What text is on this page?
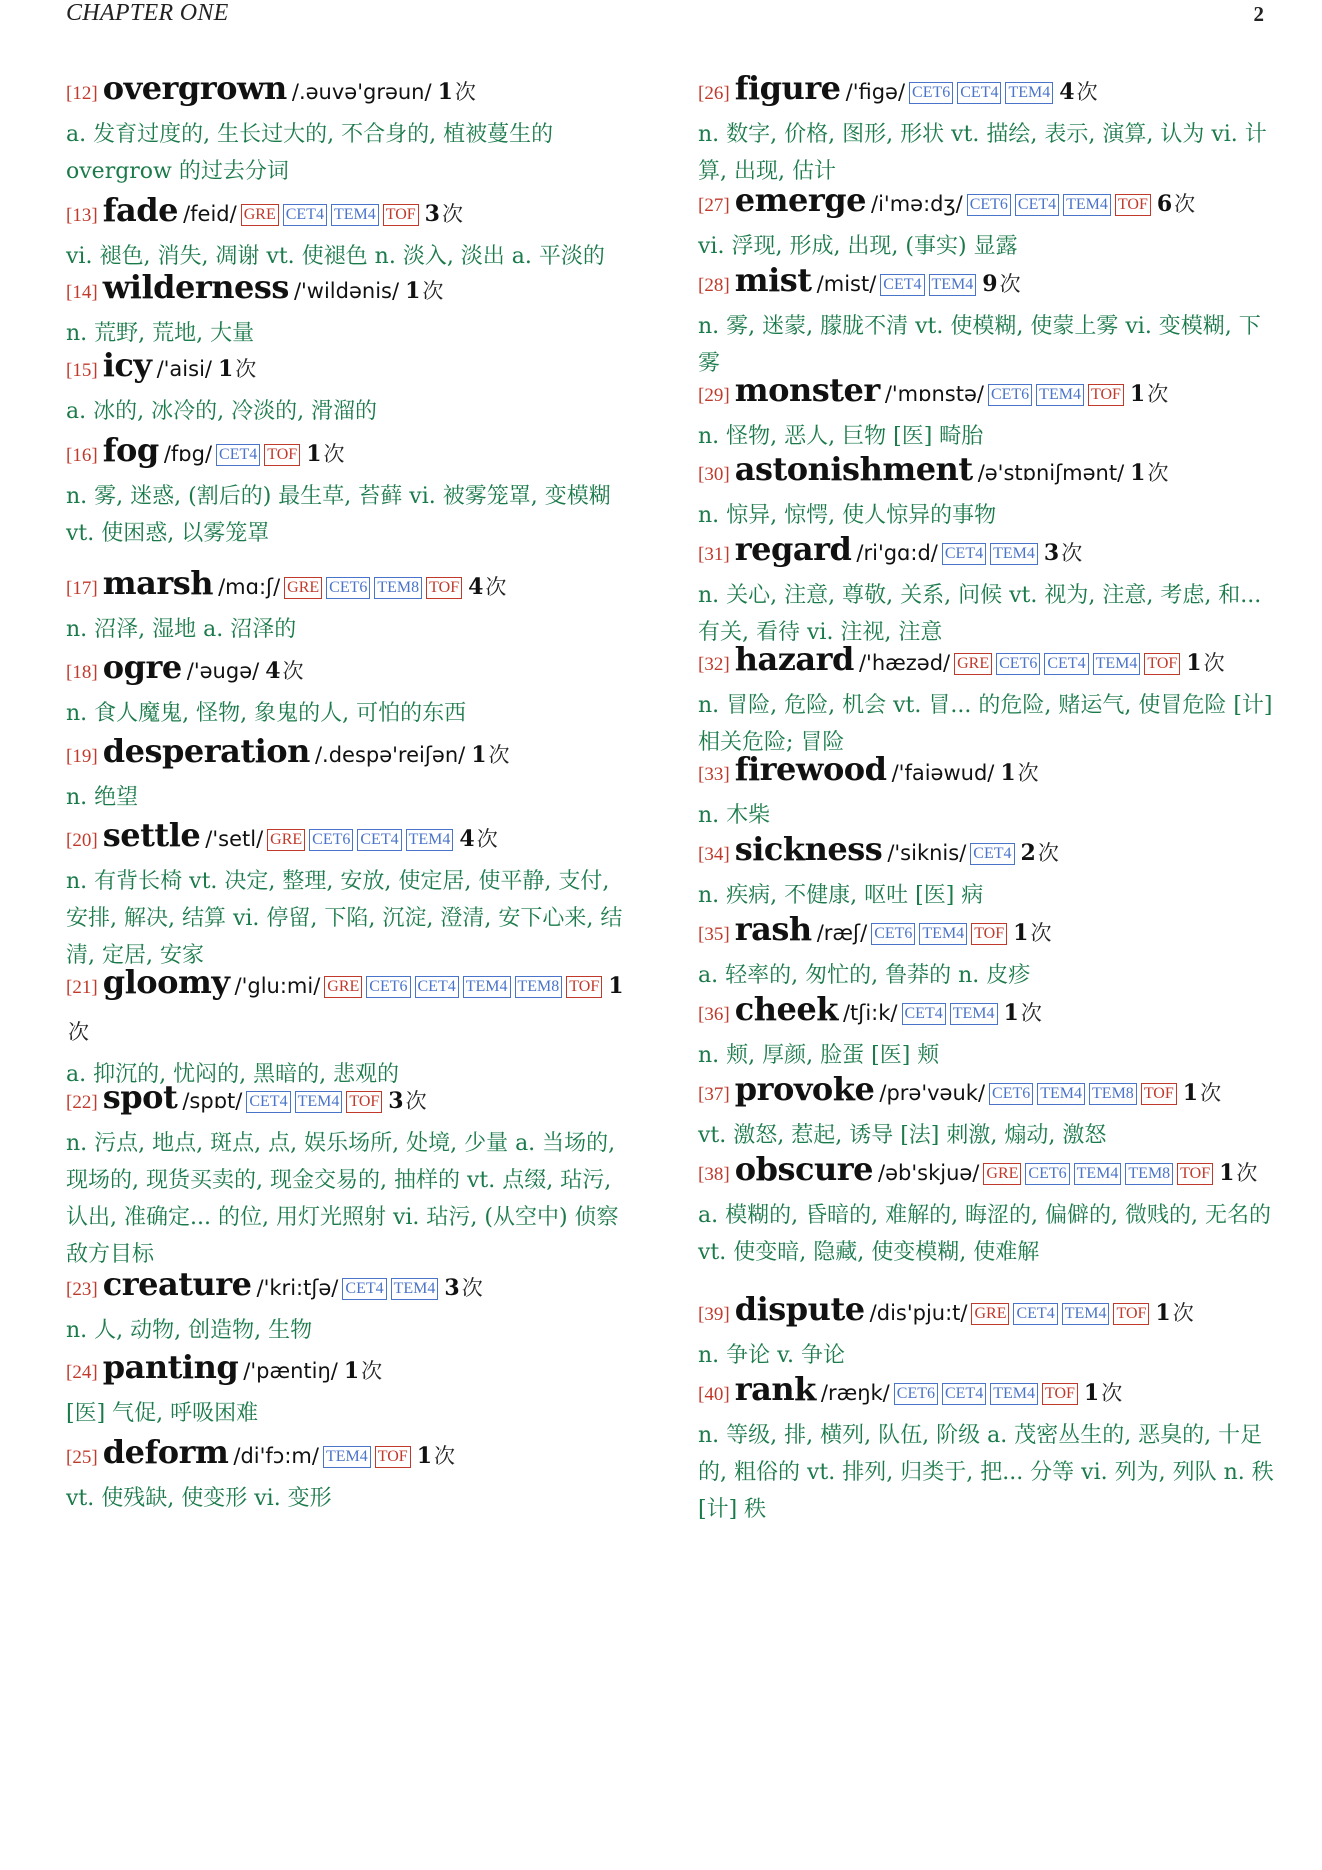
CHAPTER ONE	2
[12] overgrown /.əuvə'grəun/ 1次
a. 发育过度的, 生长过大的, 不合身的, 植被蔓生的 overgrow 的过去分词
[13] fade /feid/ GRE CET4 TEM4 TOF 3次
vi. 褪色, 消失, 凋谢 vt. 使褪色 n. 淡入, 淡出 a. 平淡的
[14] wilderness /'wildənis/ 1次
n. 荒野, 荒地, 大量
[15] icy /'aisi/ 1次
a. 冰的, 冰冷的, 冷淡的, 滑溜的
[16] fog /fɒg/ CET4 TOF 1次
n. 雾, 迷惑, (割后的) 最生草, 苔藓 vi. 被雾笼罩, 变模糊 vt. 使困惑, 以雾笼罩
[17] marsh /mɑ:ʃ/ GRE CET6 TEM8 TOF 4次
n. 沼泽, 湿地 a. 沼泽的
[18] ogre /'əugə/ 4次
n. 食人魔鬼, 怪物, 象鬼的人, 可怕的东西
[19] desperation /.despə'reiʃən/ 1次
n. 绝望
[20] settle /'setl/ GRE CET6 CET4 TEM4 4次
n. 有背长椅 vt. 决定, 整理, 安放, 使定居, 使平静, 支付, 安排, 解决, 结算 vi. 停留, 下陷, 沉淀, 澄清, 安下心来, 结清, 定居, 安家
[21] gloomy /'glu:mi/ GRE CET6 CET4 TEM4 TEM8 TOF 1次
a. 抑沉的, 忧闷的, 黑暗的, 悲观的
[22] spot /spɒt/ CET4 TEM4 TOF 3次
n. 污点, 地点, 斑点, 点, 娱乐场所, 处境, 少量 a. 当场的, 现场的, 现货买卖的, 现金交易的, 抽样的 vt. 点缀, 玷污, 认出, 准确定... 的位, 用灯光照射 vi. 玷污, (从空中) 侦察敌方目标
[23] creature /'kri:tʃə/ CET4 TEM4 3次
n. 人, 动物, 创造物, 生物
[24] panting /'pæntiŋ/ 1次
[医] 气促, 呼吸困难
[25] deform /di'fɔ:m/ TEM4 TOF 1次
vt. 使残缺, 使变形 vi. 变形
[26] figure /'figə/ CET6 CET4 TEM4 4次
n. 数字, 价格, 图形, 形状 vt. 描绘, 表示, 演算, 认为 vi. 计算, 出现, 估计
[27] emerge /i'mə:dʒ/ CET6 CET4 TEM4 TOF 6次
vi. 浮现, 形成, 出现, (事实) 显露
[28] mist /mist/ CET4 TEM4 9次
n. 雾, 迷蒙, 朦胧不清 vt. 使模糊, 使蒙上雾 vi. 变模糊, 下雾
[29] monster /'mɒnstə/ CET6 TEM4 TOF 1次
n. 怪物, 恶人, 巨物 [医] 畸胎
[30] astonishment /ə'stɒniʃmənt/ 1次
n. 惊异, 惊愕, 使人惊异的事物
[31] regard /ri'gɑ:d/ CET4 TEM4 3次
n. 关心, 注意, 尊敬, 关系, 问候 vt. 视为, 注意, 考虑, 和... 有关, 看待 vi. 注视, 注意
[32] hazard /'hæzəd/ GRE CET6 CET4 TEM4 TOF 1次
n. 冒险, 危险, 机会 vt. 冒... 的危险, 赌运气, 使冒危险 [计] 相关危险; 冒险
[33] firewood /'faiəwud/ 1次
n. 木柴
[34] sickness /'siknis/ CET4 2次
n. 疾病, 不健康, 呕吐 [医] 病
[35] rash /ræʃ/ CET6 TEM4 TOF 1次
a. 轻率的, 匆忙的, 鲁莽的 n. 皮疹
[36] cheek /tʃi:k/ CET4 TEM4 1次
n. 颊, 厚颜, 脸蛋 [医] 颊
[37] provoke /prə'vəuk/ CET6 TEM4 TEM8 TOF 1次
vt. 激怒, 惹起, 诱导 [法] 刺激, 煽动, 激怒
[38] obscure /əb'skjuə/ GRE CET6 TEM4 TEM8 TOF 1次
a. 模糊的, 昏暗的, 难解的, 晦涩的, 偏僻的, 微贱的, 无名的 vt. 使变暗, 隐藏, 使变模糊, 使难解
[39] dispute /dis'pju:t/ GRE CET4 TEM4 TOF 1次
n. 争论 v. 争论
[40] rank /ræŋk/ CET6 CET4 TEM4 TOF 1次
n. 等级, 排, 横列, 队伍, 阶级 a. 茂密丛生的, 恶臭的, 十足的, 粗俗的 vt. 排列, 归类于, 把... 分等 vi. 列为, 列队 n. 秩 [计] 秩
